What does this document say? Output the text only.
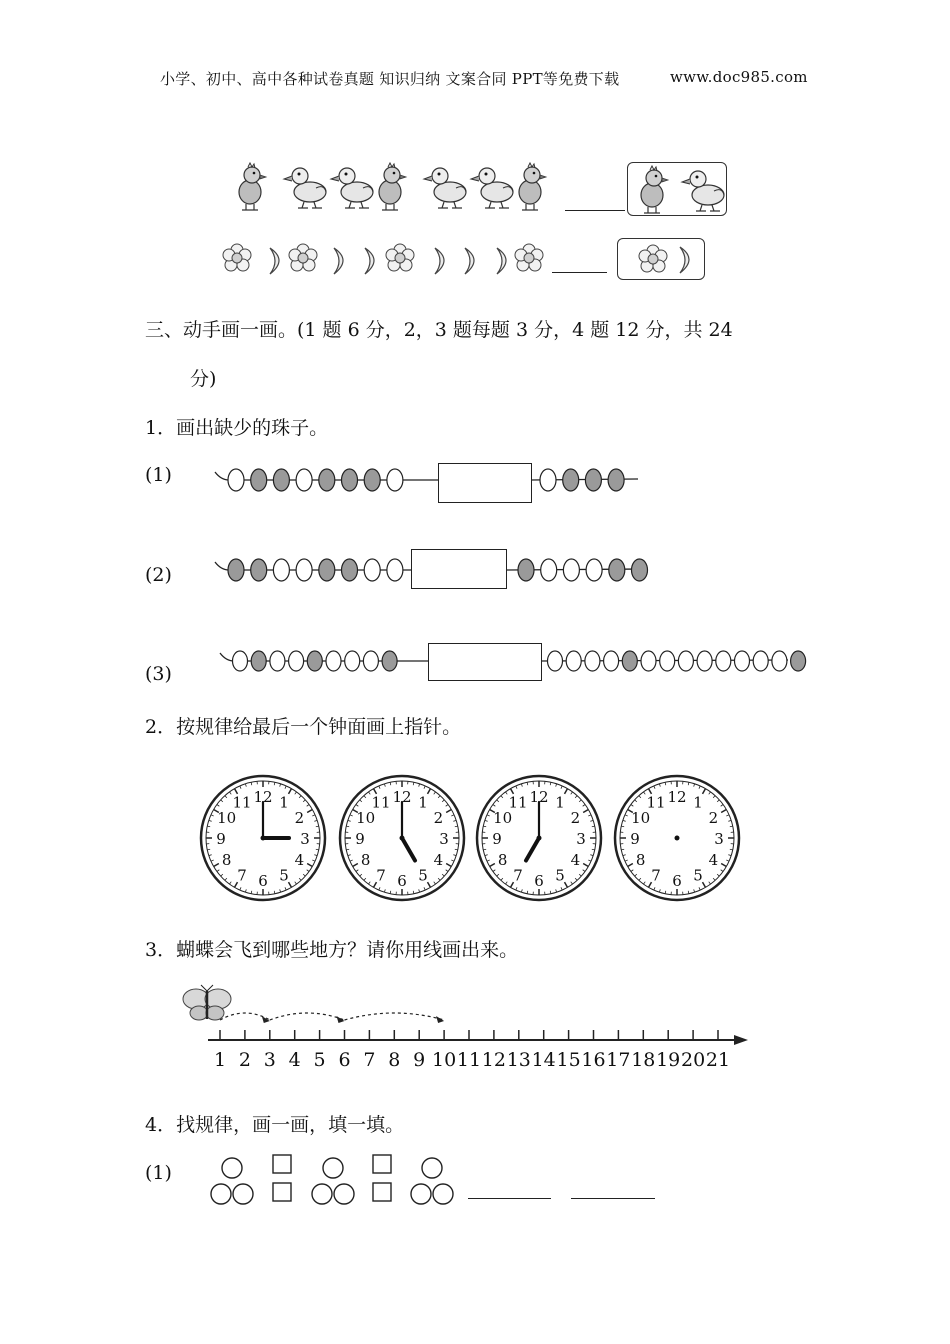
小学、初中、高中各种试卷真题 知识归纳 文案合同 PPT等免费下载	www.doc985.com
三、动手画一画。(1 题 6 分，2，3 题每题 3 分，4 题 12 分，共 24
分)
1．画出缺少的珠子。
(1)
(2)
(3)
2．按规律给最后一个钟面画上指针。
12 1
2
3
4
5
6
7
8
9
10
11	12 1
2
3
4
5
6
7
8
9
10
11	12 1
2
3
4
5
6
7
8
9
10
11	12 1
2
3
4
5
6
7
8
9
10
11
3．蝴蝶会飞到哪些地方？请你用线画出来。
1 2 3 4 5 6 7 8 9 10 11 12 13 14 15 16 17 18 19 20 21
4．找规律，画一画，填一填。
(1)
